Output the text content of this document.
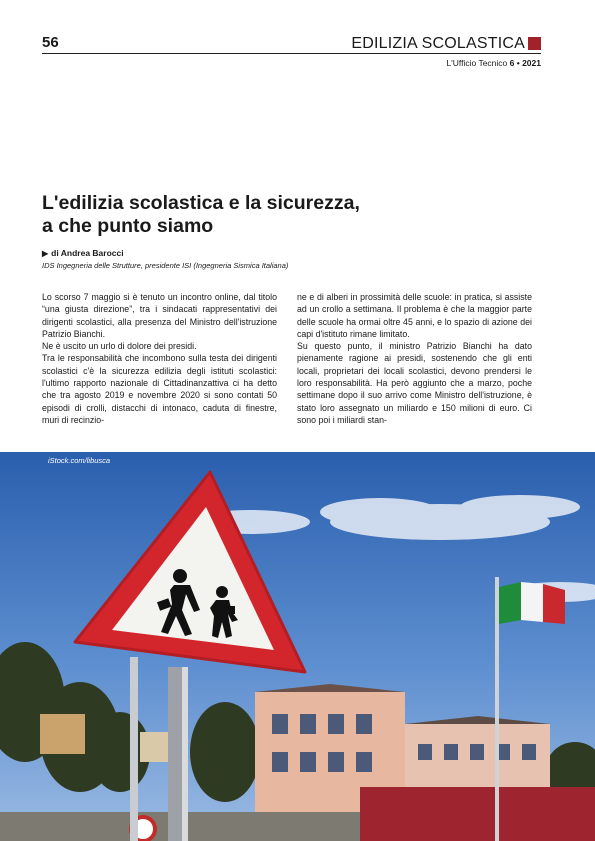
56	EDILIZIA SCOLASTICA
L'Ufficio Tecnico 6 • 2021
L'edilizia scolastica e la sicurezza,
a che punto siamo
▶ di Andrea Barocci
IDS Ingegneria delle Strutture, presidente ISI (Ingegneria Sismica Italiana)

Lo scorso 7 maggio si è tenuto un incontro online, dal titolo “una giusta direzione”, tra i sindacati rappresentativi dei dirigenti scolastici, alla presenza del Ministro dell'istruzione Patrizio Bianchi.

Ne è uscito un urlo di dolore dei presidi.

Tra le responsabilità che incombono sulla testa dei dirigenti scolastici c'è la sicurezza edilizia degli istituti scolastici: l'ultimo rapporto nazionale di Cittadinanzattiva ci ha detto che tra agosto 2019 e novembre 2020 si sono contati 50 episodi di crolli, distacchi di intonaco, caduta di finestre, muri di recinzio-

ne e di alberi in prossimità delle scuole: in pratica, si assiste ad un crollo a settimana. Il problema è che la maggior parte delle scuole ha ormai oltre 45 anni, e lo spazio di azione dei capi d'istituto rimane limitato.

Su questo punto, il ministro Patrizio Bianchi ha dato pienamente ragione ai presidi, sostenendo che gli enti locali, proprietari dei locali scolastici, devono prendersi le loro responsabilità. Ha però aggiunto che a marzo, poche settimane dopo il suo arrivo come Ministro dell'istruzione, è stato loro assegnato un miliardo e 150 milioni di euro. Ci sono poi i miliardi stan-

iStock.com/libusca
